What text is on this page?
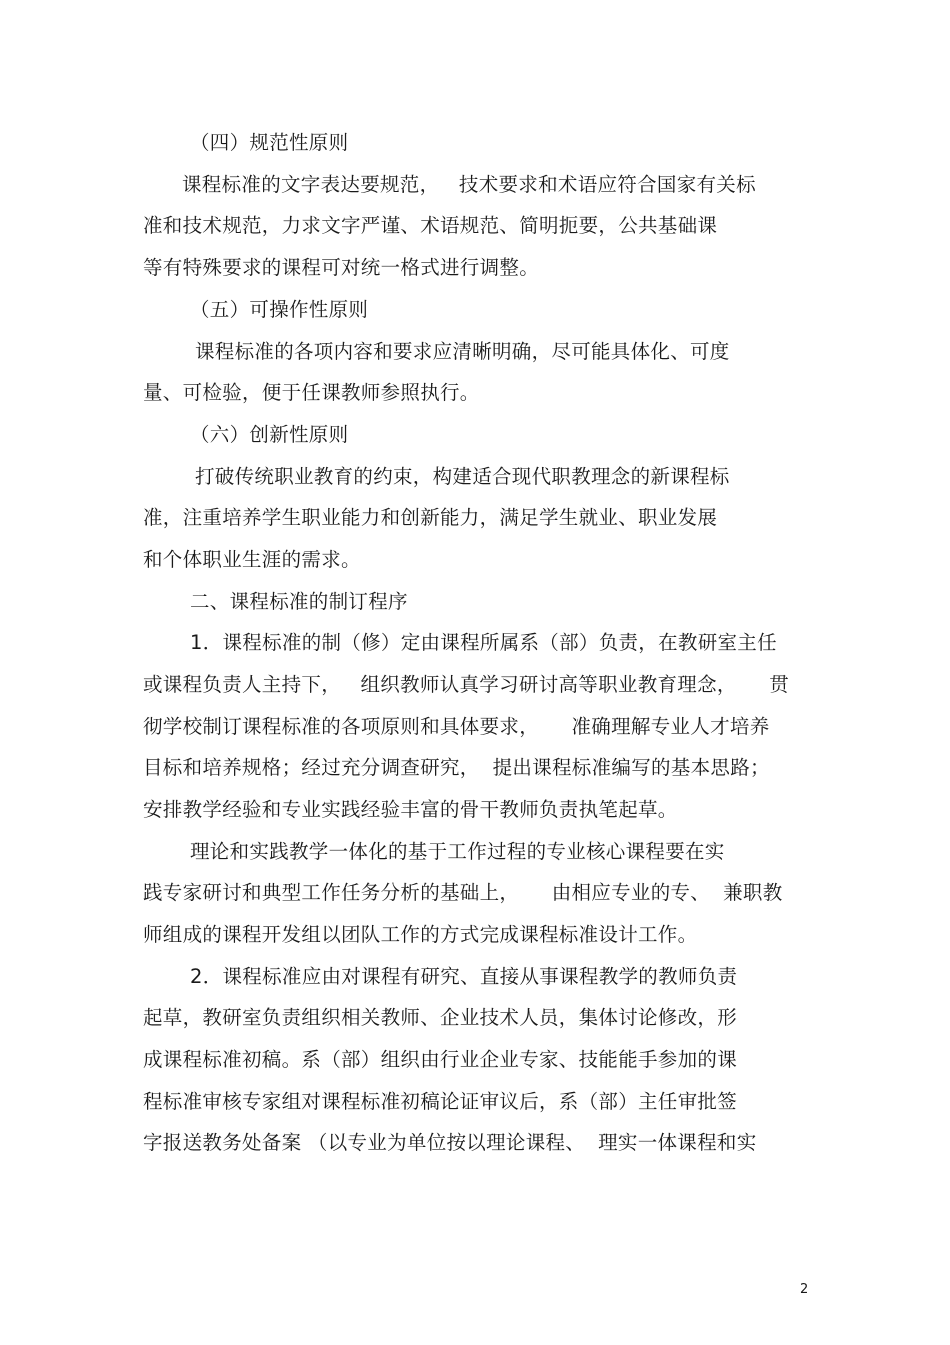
（四）规范性原则
课程标准的文字表达要规范，   技术要求和术语应符合国家有关标
准和技术规范，力求文字严谨、术语规范、简明扼要，公共基础课
等有特殊要求的课程可对统一格式进行调整。
（五）可操作性原则
课程标准的各项内容和要求应清晰明确，尽可能具体化、可度
量、可检验，便于任课教师参照执行。
（六）创新性原则
打破传统职业教育的约束，构建适合现代职教理念的新课程标
准，注重培养学生职业能力和创新能力，满足学生就业、职业发展
和个体职业生涯的需求。
二、课程标准的制订程序
1．课程标准的制（修）定由课程所属系（部）负责，在教研室主任
或课程负责人主持下，   组织教师认真学习研讨高等职业教育理念，     贯
彻学校制订课程标准的各项原则和具体要求，     准确理解专业人才培养
目标和培养规格；经过充分调查研究，  提出课程标准编写的基本思路；
安排教学经验和专业实践经验丰富的骨干教师负责执笔起草。
理论和实践教学一体化的基于工作过程的专业核心课程要在实
践专家研讨和典型工作任务分析的基础上，     由相应专业的专、  兼职教
师组成的课程开发组以团队工作的方式完成课程标准设计工作。
2．课程标准应由对课程有研究、直接从事课程教学的教师负责
起草，教研室负责组织相关教师、企业技术人员，集体讨论修改，形
成课程标准初稿。系（部）组织由行业企业专家、技能能手参加的课
程标准审核专家组对课程标准初稿论证审议后，系（部）主任审批签
字报送教务处备案 （以专业为单位按以理论课程、  理实一体课程和实
2
